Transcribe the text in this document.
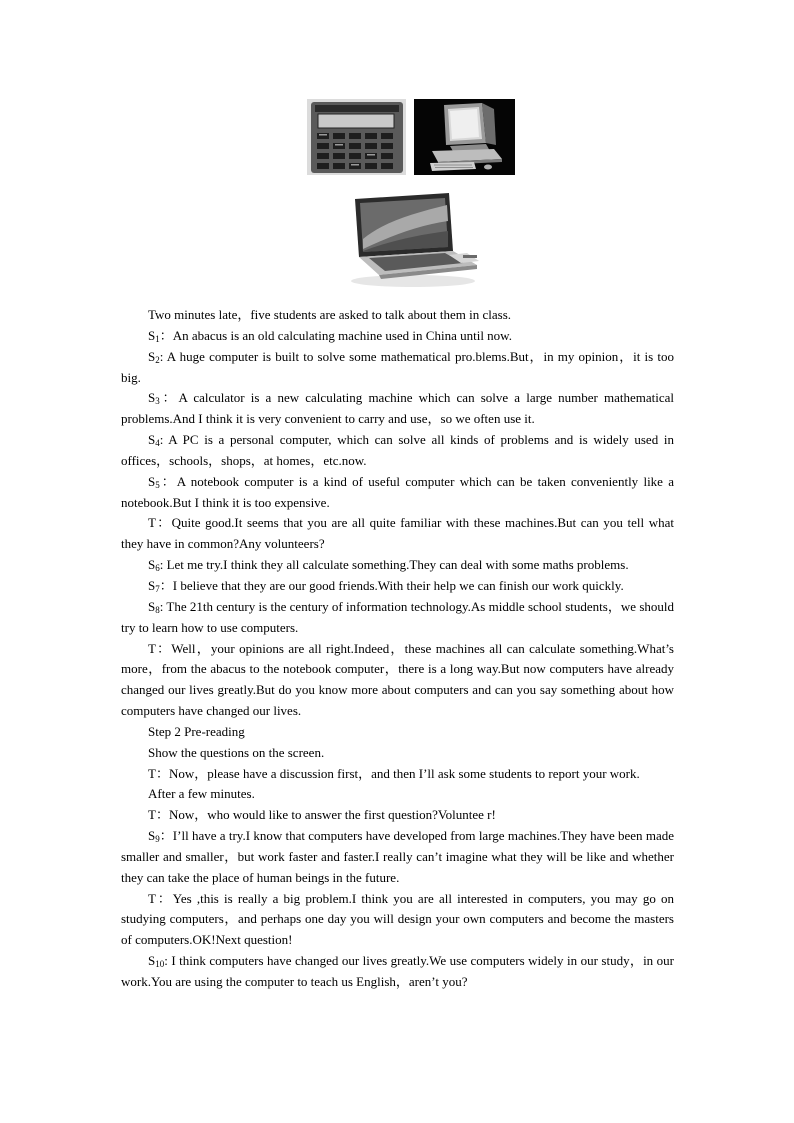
Two minutes late，five students are asked to talk about them in class.

$S_1$：An abacus is an old calculating machine used in China until now.

$S_2$: A huge computer is built to solve some mathematical pro.blems.But，in my opinion，it is too big.

$S_3$：A calculator is a new calculating machine which can solve a large number mathematical problems.And I think it is very convenient to carry and use，so we often use it.

$S_4$: A PC is a personal computer, which can solve all kinds of problems and is widely used in offices，schools，shops，at homes，etc.now.

$S_5$：A notebook computer is a kind of useful computer which can be taken conveniently like a notebook.But I think it is too expensive.

T：Quite good.It seems that you are all quite familiar with these machines.But can you tell what they have in common?Any volunteers?

$S_6$: Let me try.I think they all calculate something.They can deal with some maths problems.

$S_7$：I believe that they are our good friends.With their help we can finish our work quickly.

$S_8$: The 21th century is the century of information technology.As middle school students，we should try to learn how to use computers.

T：Well，your opinions are all right.Indeed，these machines all can calculate something.What’s more，from the abacus to the notebook computer，there is a long way.But now computers have already changed our lives greatly.But do you know more about computers and can you say something about how computers have changed our lives.

Step 2 Pre-reading

Show the questions on the screen.

T：Now，please have a discussion first，and then I’ll ask some students to report your work.

After a few minutes.

T：Now，who would like to answer the first question?Voluntee r!

$S_9$：I’ll have a try.I know that computers have developed from large machines.They have been made smaller and smaller，but work faster and faster.I really can’t imagine what they will be like and whether they can take the place of human beings in the future.

T：Yes ,this is really a big problem.I think you are all interested in computers, you may go on studying computers，and perhaps one day you will design your own computers and become the masters of computers.OK!Next question!

$S_{10}$: I think computers have changed our lives greatly.We use computers widely in our study，in our work.You are using the computer to teach us English，aren’t you?
